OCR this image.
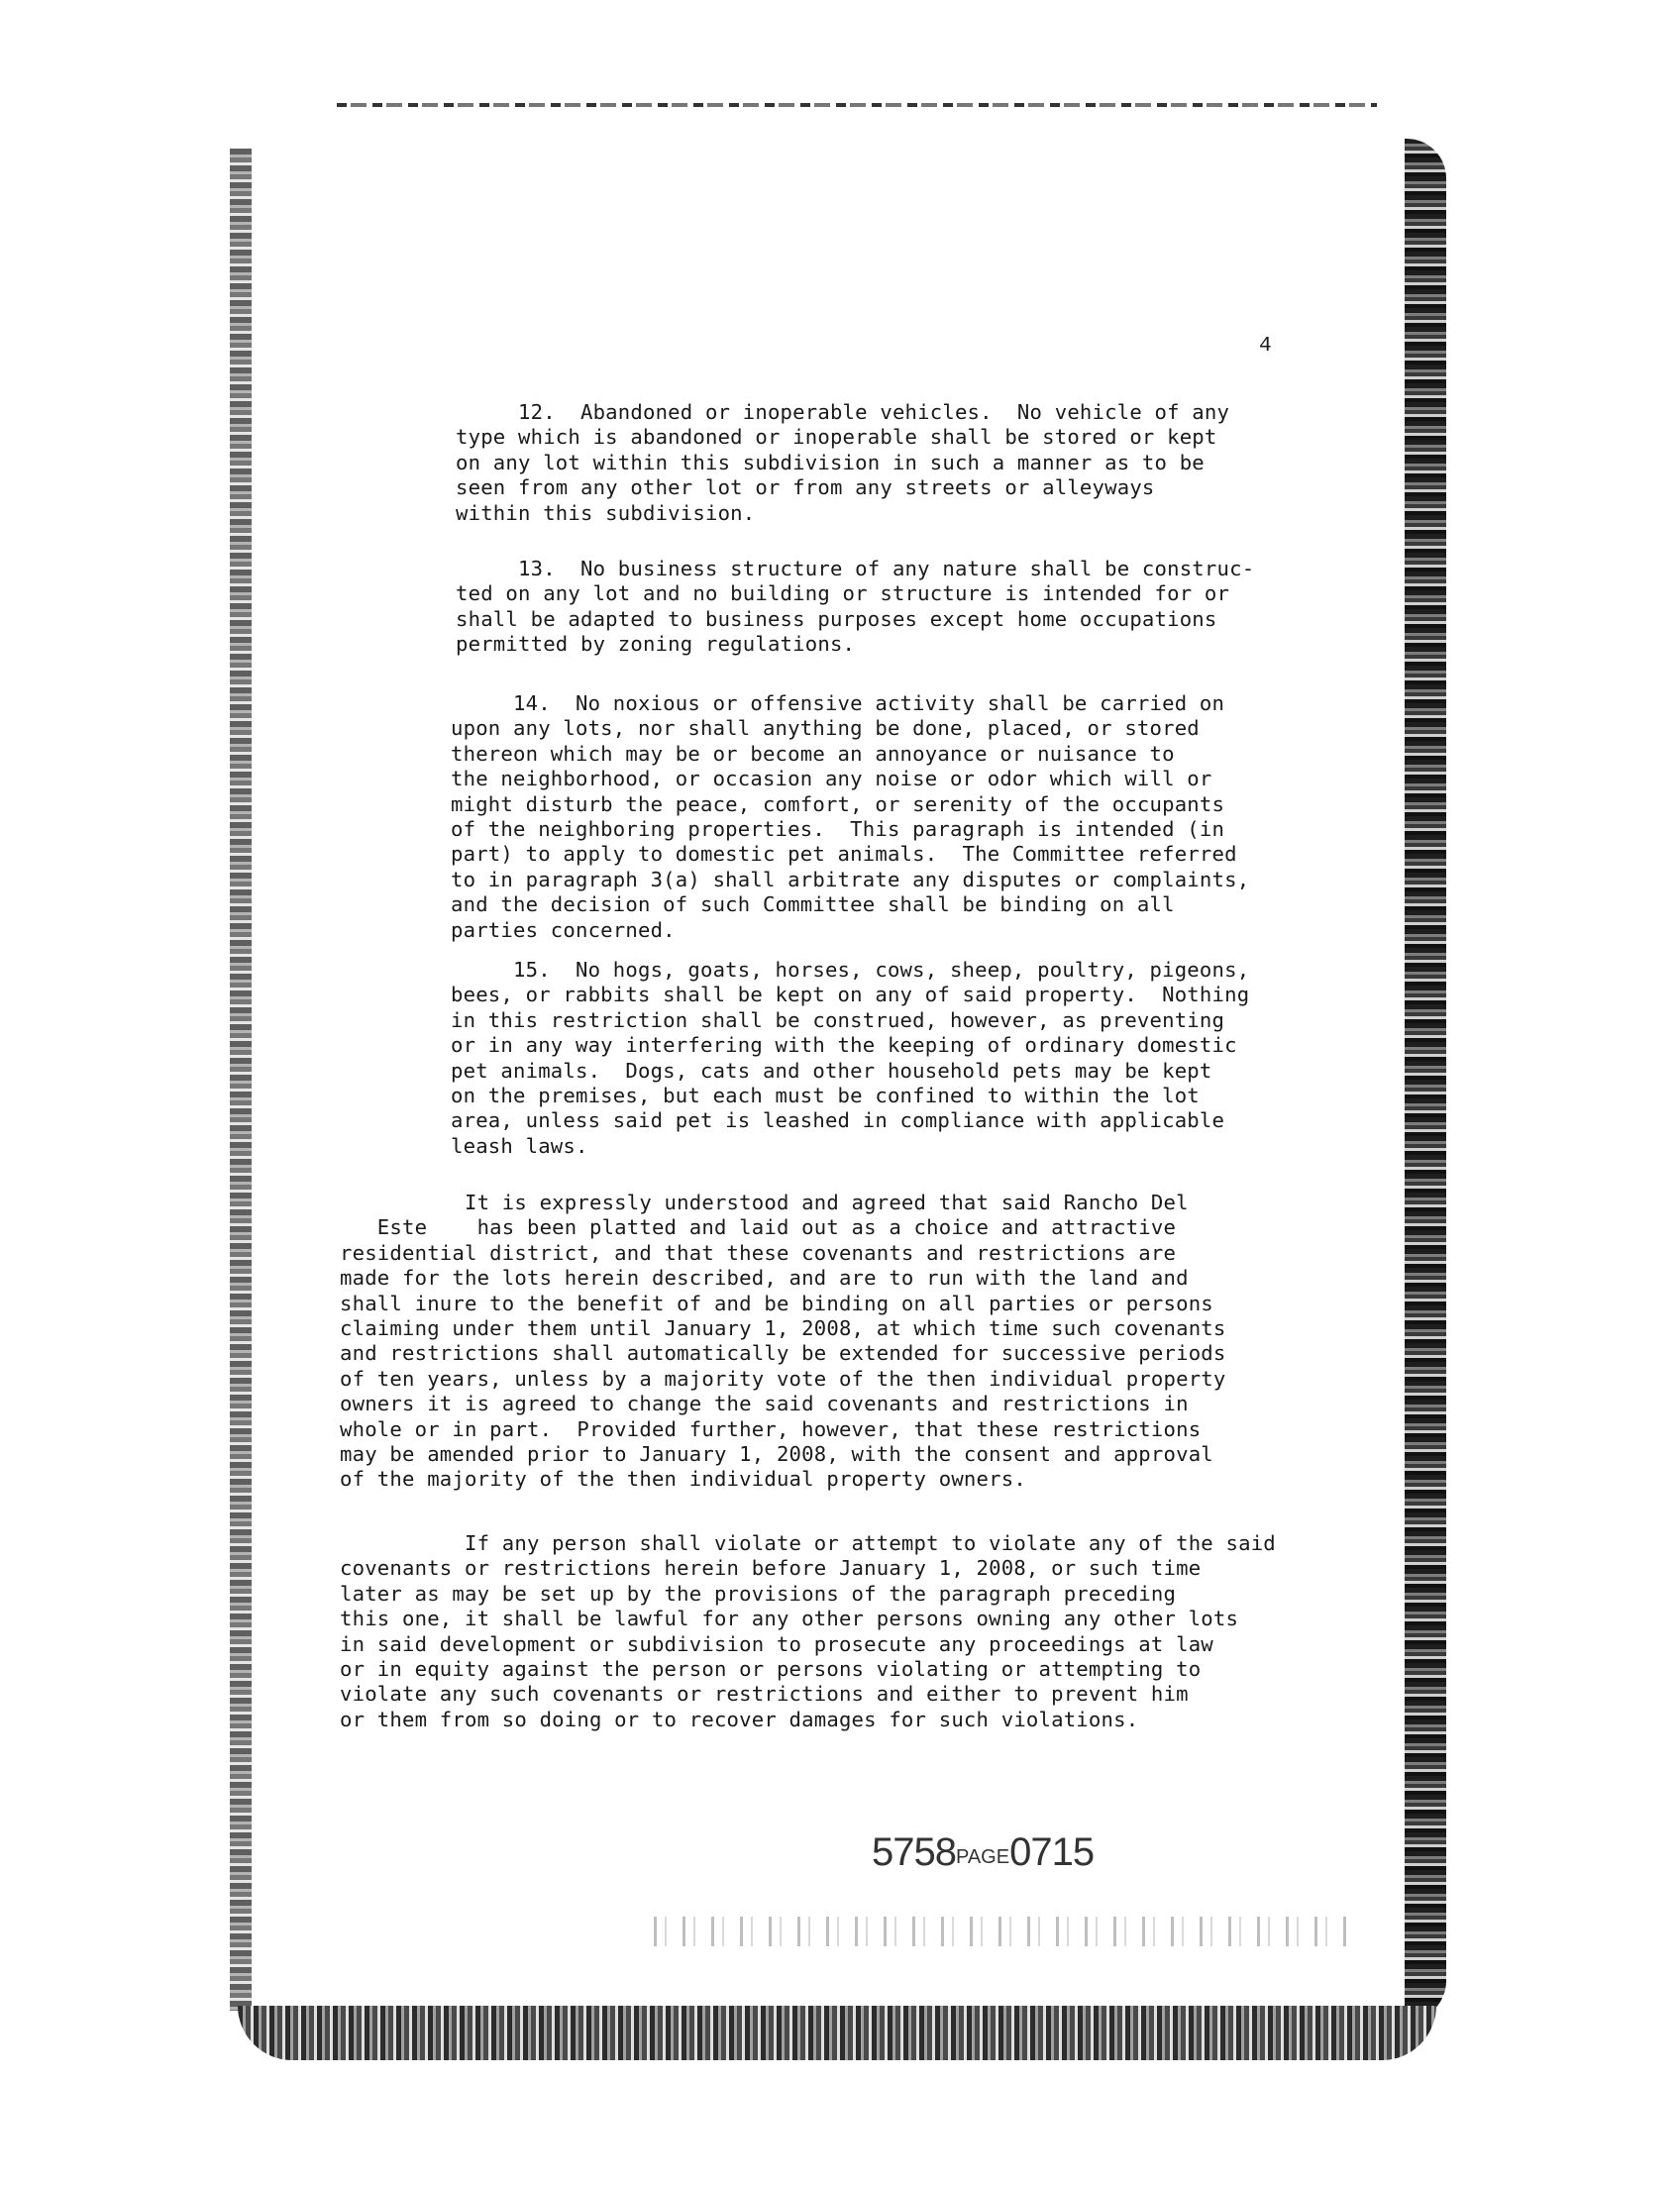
4
12.  Abandoned or inoperable vehicles.  No vehicle of any
type which is abandoned or inoperable shall be stored or kept
on any lot within this subdivision in such a manner as to be
seen from any other lot or from any streets or alleyways
within this subdivision.
13.  No business structure of any nature shall be construc-
ted on any lot and no building or structure is intended for or
shall be adapted to business purposes except home occupations
permitted by zoning regulations.
14.  No noxious or offensive activity shall be carried on
upon any lots, nor shall anything be done, placed, or stored
thereon which may be or become an annoyance or nuisance to
the neighborhood, or occasion any noise or odor which will or
might disturb the peace, comfort, or serenity of the occupants
of the neighboring properties.  This paragraph is intended (in
part) to apply to domestic pet animals.  The Committee referred
to in paragraph 3(a) shall arbitrate any disputes or complaints,
and the decision of such Committee shall be binding on all
parties concerned.
15.  No hogs, goats, horses, cows, sheep, poultry, pigeons,
bees, or rabbits shall be kept on any of said property.  Nothing
in this restriction shall be construed, however, as preventing
or in any way interfering with the keeping of ordinary domestic
pet animals.  Dogs, cats and other household pets may be kept
on the premises, but each must be confined to within the lot
area, unless said pet is leashed in compliance with applicable
leash laws.
It is expressly understood and agreed that said Rancho Del
Este    has been platted and laid out as a choice and attractive
residential district, and that these covenants and restrictions are
made for the lots herein described, and are to run with the land and
shall inure to the benefit of and be binding on all parties or persons
claiming under them until January 1, 2008, at which time such covenants
and restrictions shall automatically be extended for successive periods
of ten years, unless by a majority vote of the then individual property
owners it is agreed to change the said covenants and restrictions in
whole or in part.  Provided further, however, that these restrictions
may be amended prior to January 1, 2008, with the consent and approval
of the majority of the then individual property owners.
If any person shall violate or attempt to violate any of the said
covenants or restrictions herein before January 1, 2008, or such time
later as may be set up by the provisions of the paragraph preceding
this one, it shall be lawful for any other persons owning any other lots
in said development or subdivision to prosecute any proceedings at law
or in equity against the person or persons violating or attempting to
violate any such covenants or restrictions and either to prevent him
or them from so doing or to recover damages for such violations.
5758PAGE0715
